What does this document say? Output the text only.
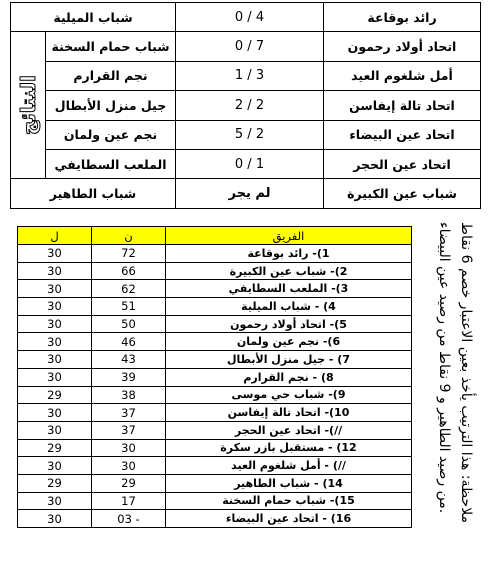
شباب الميلية		0 / 4	رائد بوقاعة

النتائج	شباب حمام السخنة	0 / 7	اتحاد أولاد رحمون
	نجم القرارم	1 / 3	أمل شلغوم العيد
	جيل منزل الأبطال	2 / 2	اتحاد تالة إيفاسن
	نجم عين ولمان	5 / 2	اتحاد عين البيضاء
	الملعب السطايفي	0 / 1	اتحاد عين الحجر
شباب الطاهير		لم يجر	شباب عين الكبيرة
ل	ن	الفريق
30	72	1)- رائد بوقاعة
30	66	2)- شباب عين الكبيرة
30	62	3)- الملعب السطايفي
30	51	4) - شباب الميلية
30	50	5)- اتحاد أولاد رحمون
30	46	6)- نجم عين ولمان
30	43	7) - جيل منزل الأبطال
30	39	8) - نجم القرارم
29	38	9)- شباب حي موسى
30	37	10)- اتحاد تالة إيفاسن
30	37	//)- اتحاد عين الحجر
29	30	12) - مستقبل بازر سكرة
30	30	//) - أمل شلغوم العيد
29	29	14) - شباب الطاهير
30	17	15)- شباب حمام السخنة
30	03 -	16) - اتحاد عين البيضاء
ملاحظة: هذا الترتيب يأخذ بعين الاعتبار خصم 6 نقاط
من رصيد الطاهير و 9 نقاط من رصيد عين البيضاء.
